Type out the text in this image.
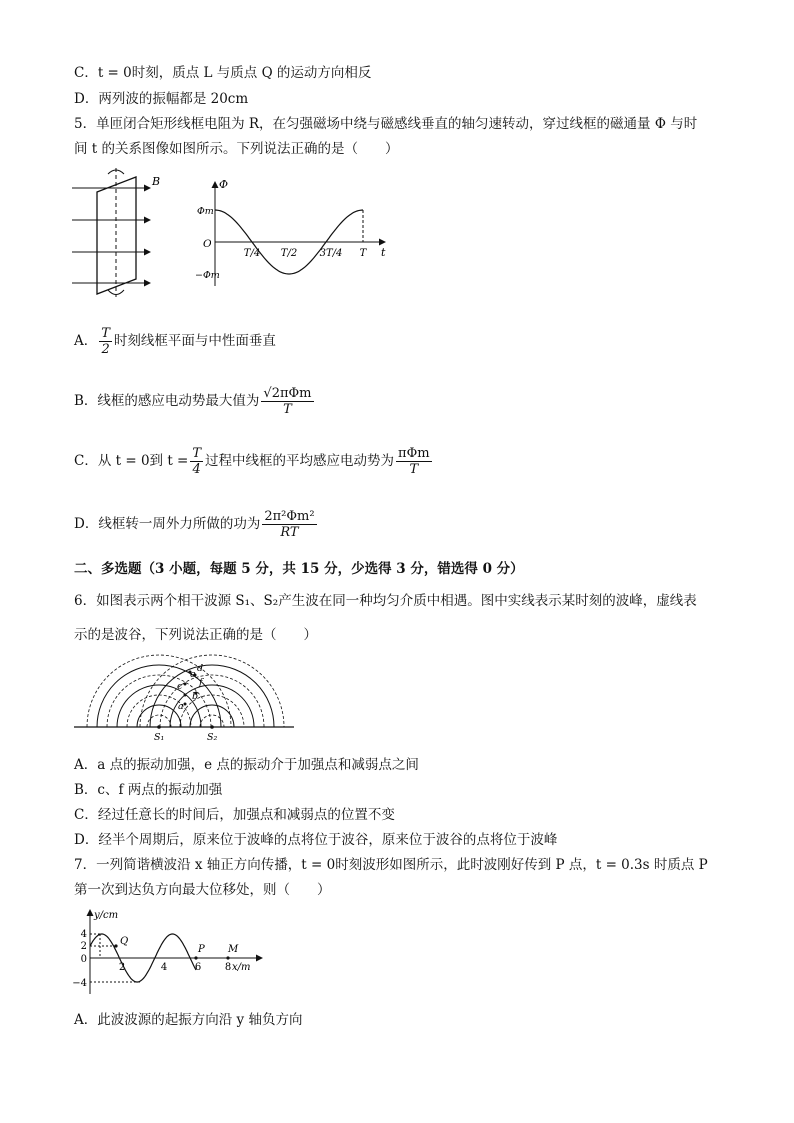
C．t = 0时刻，质点 L 与质点 Q 的运动方向相反
D．两列波的振幅都是 20cm
5．单匝闭合矩形线框电阻为 R，在匀强磁场中绕与磁感线垂直的轴匀速转动，穿过线框的磁通量 Φ 与时
间 t 的关系图像如图所示。下列说法正确的是（　　）
B	Φ
t
O
Φm
−Φm
T/4 T/2 3T/4 T
A． $\frac{T}{2}$ 时刻线框平面与中性面垂直
B．线框的感应电动势最大值为 $\frac{\text{√2πΦm}}{T}$
C．从 t = 0到 $t = \frac{T}{4}$ 过程中线框的平均感应电动势为 $\frac{\text{πΦm}}{T}$
D．线框转一周外力所做的功为 $\frac{\text{2π²Φm²}}{RT}$
二、多选题（3 小题，每题 5 分，共 15 分，少选得 3 分，错选得 0 分）
6．如图表示两个相干波源 S₁、S₂产生波在同一种均匀介质中相遇。图中实线表示某时刻的波峰，虚线表
示的是波谷，下列说法正确的是（　　）
S₁	S₂
a
b
c
d
e
f
A．a 点的振动加强，e 点的振动介于加强点和减弱点之间
B．c、f 两点的振动加强
C．经过任意长的时间后，加强点和减弱点的位置不变
D．经半个周期后，原来位于波峰的点将位于波谷，原来位于波谷的点将位于波峰
7．一列简谐横波沿 x 轴正方向传播，t = 0时刻波形如图所示，此时波刚好传到 P 点，t = 0.3s 时质点 P
第一次到达负方向最大位移处，则（　　）
y/cm
x/m
4
2
0
−4
2	4	6 8
Q
P M
A．此波波源的起振方向沿 y 轴负方向
